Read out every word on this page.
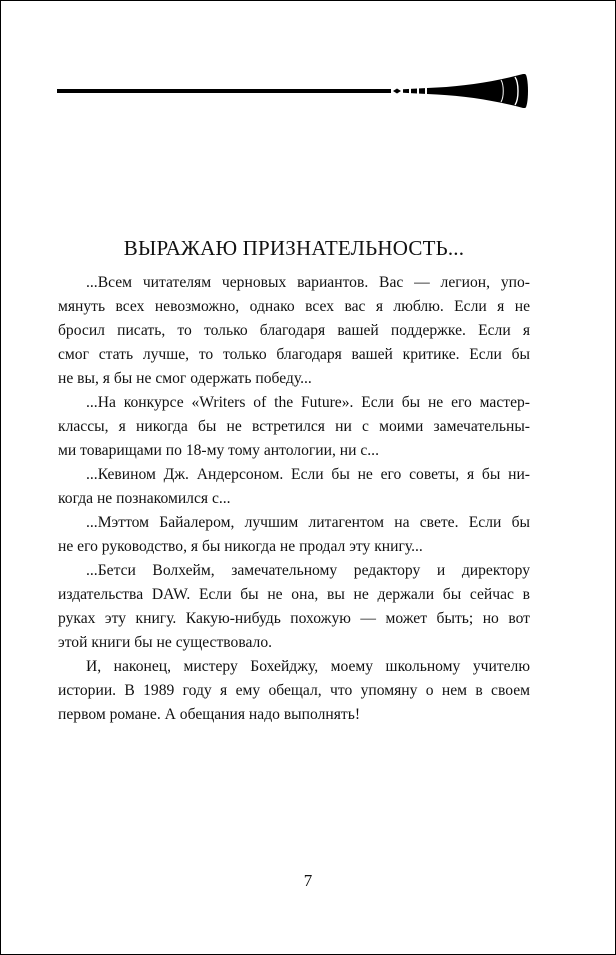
ВЫРАЖАЮ ПРИЗНАТЕЛЬНОСТЬ...
...Всем читателям черновых вариантов. Вас — легион, упо-
мянуть всех невозможно, однако всех вас я люблю. Если я не
бросил писать, то только благодаря вашей поддержке. Если я
смог стать лучше, то только благодаря вашей критике. Если бы
не вы, я бы не смог одержать победу...
...На конкурсе «Writers of the Future». Если бы не его мастер-
классы, я никогда бы не встретился ни с моими замечательны-
ми товарищами по 18-му тому антологии, ни с...
...Кевином Дж. Андерсоном. Если бы не его советы, я бы ни-
когда не познакомился с...
...Мэттом Байалером, лучшим литагентом на свете. Если бы
не его руководство, я бы никогда не продал эту книгу...
...Бетси Волхейм, замечательному редактору и директору
издательства DAW. Если бы не она, вы не держали бы сейчас в
руках эту книгу. Какую-нибудь похожую — может быть; но вот
этой книги бы не существовало.
И, наконец, мистеру Бохейджу, моему школьному учителю
истории. В 1989 году я ему обещал, что упомяну о нем в своем
первом романе. А обещания надо выполнять!
7
